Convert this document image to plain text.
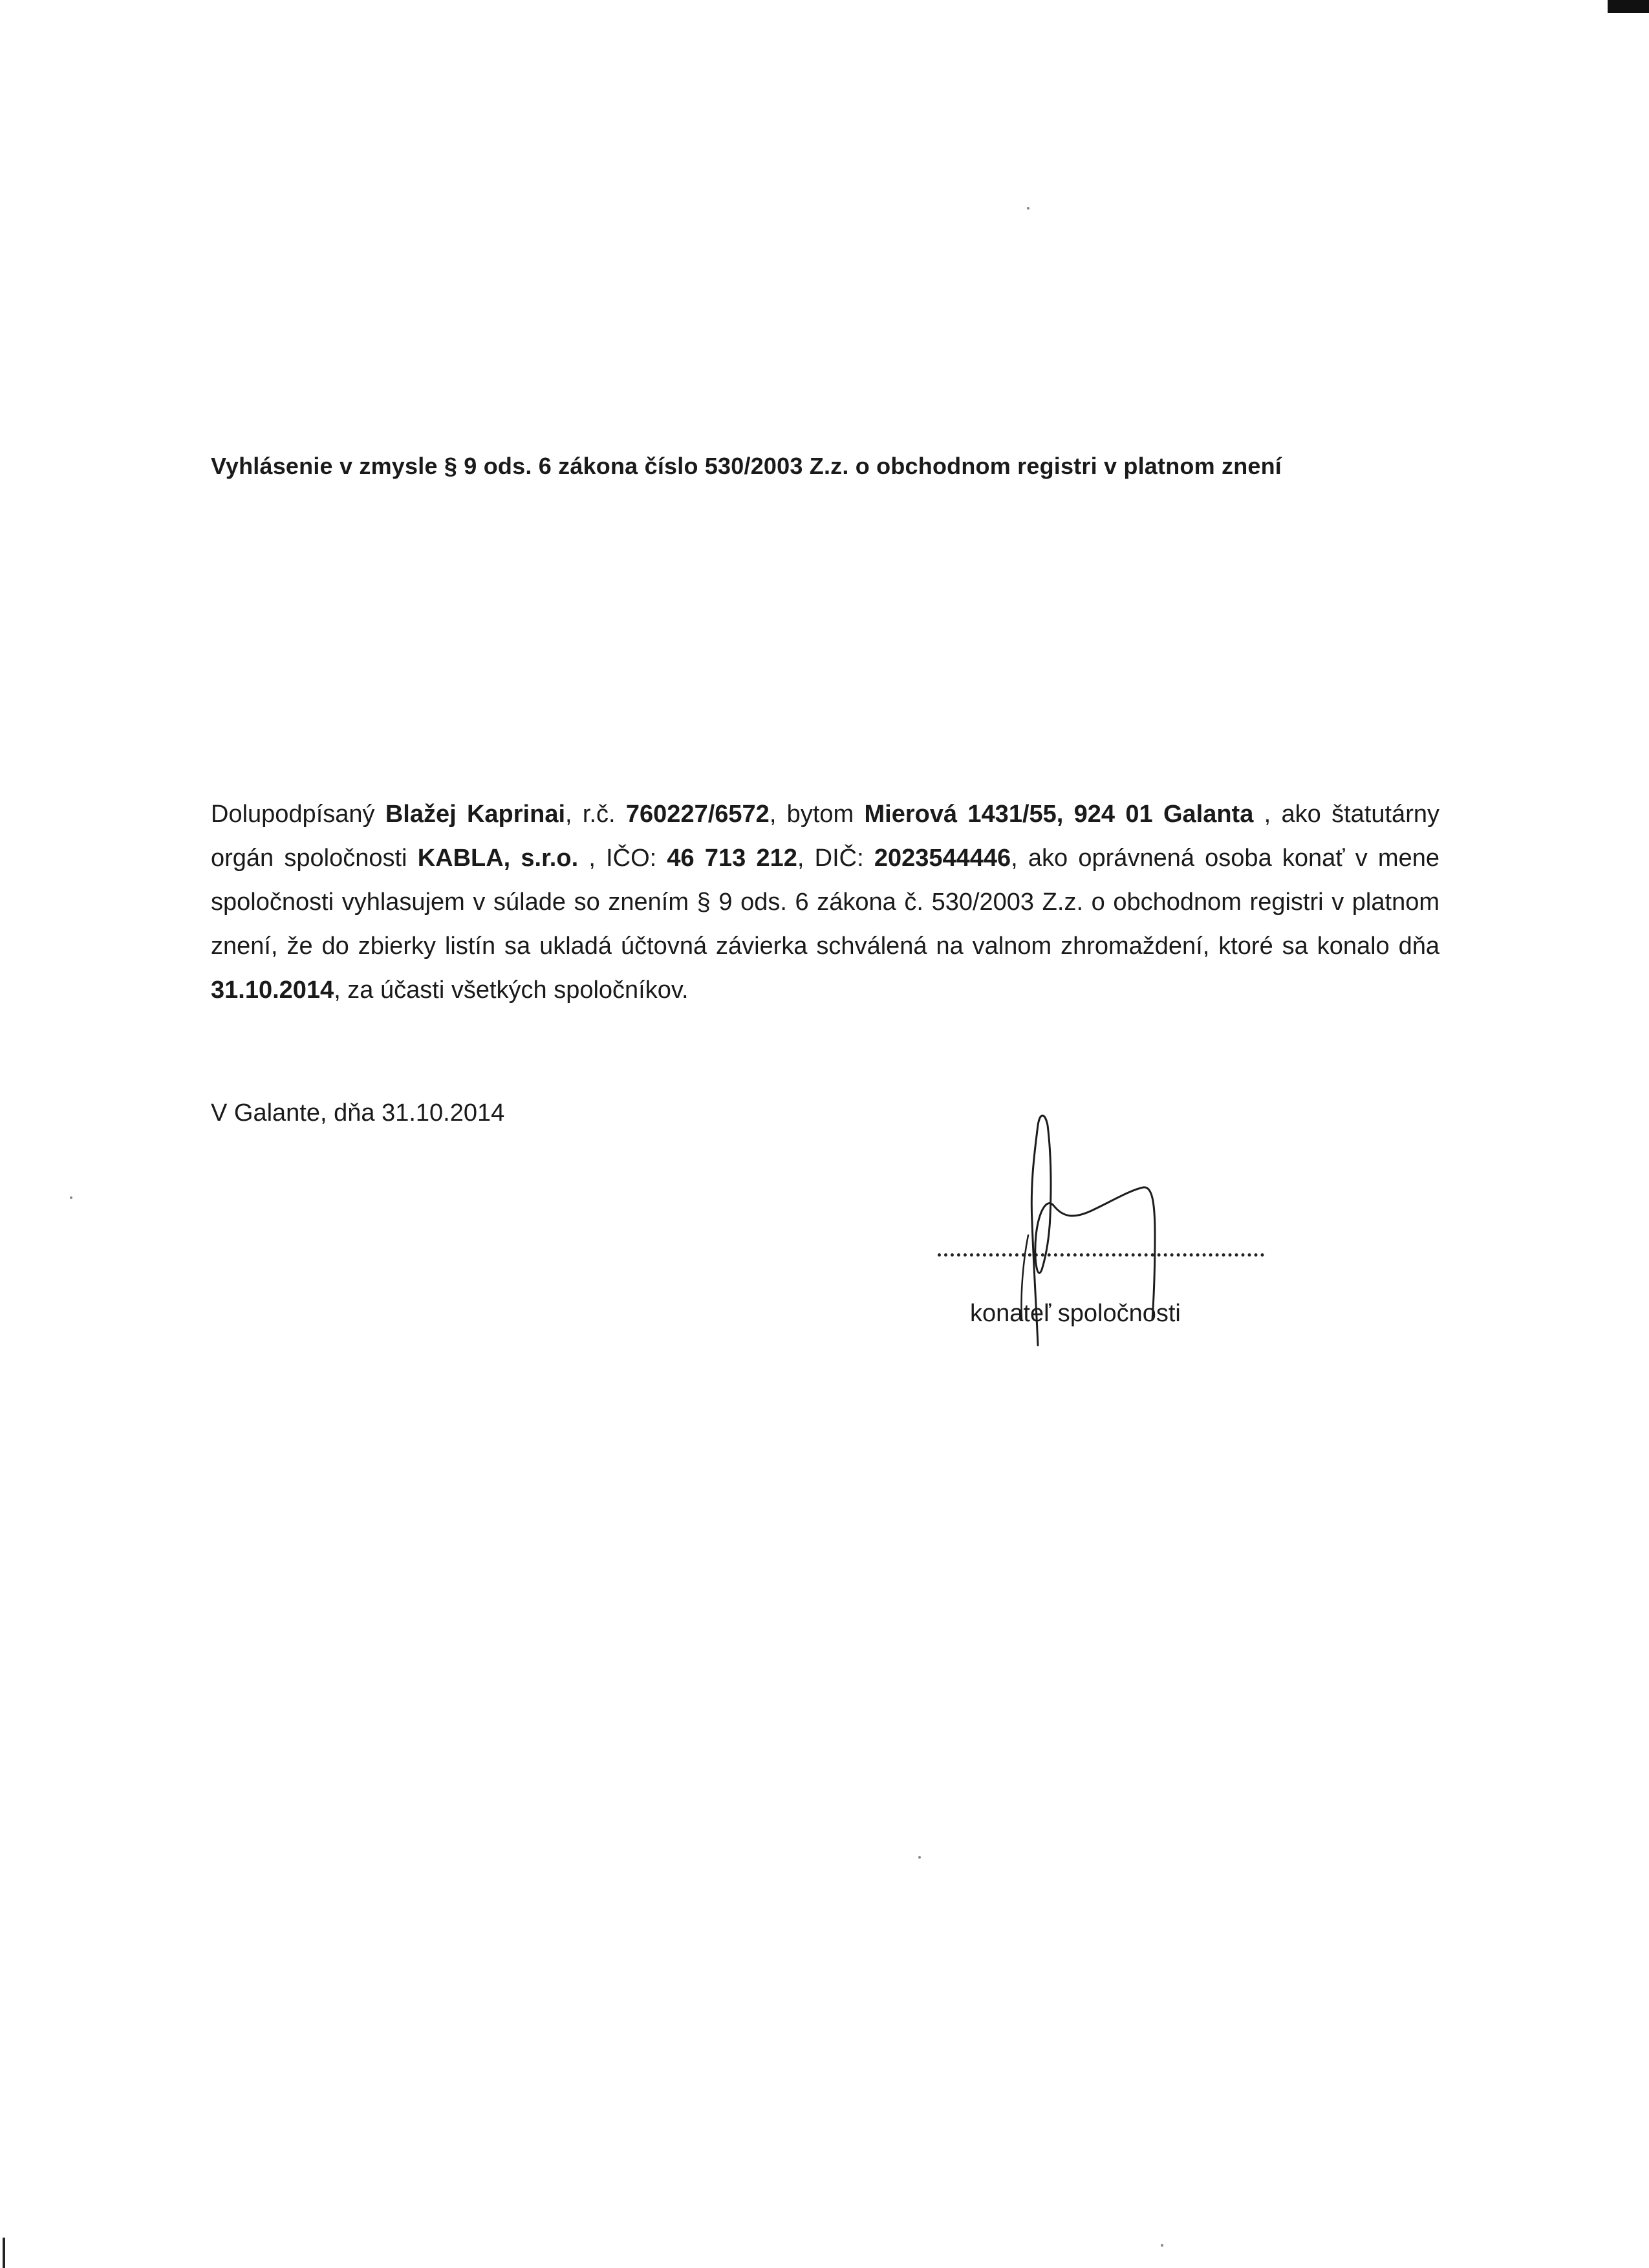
Vyhlásenie v zmysle § 9 ods. 6 zákona číslo 530/2003 Z.z. o obchodnom registri v platnom znení
Dolupodpísaný Blažej Kaprinai, r.č. 760227/6572, bytom Mierová 1431/55, 924 01 Galanta , ako štatutárny orgán spoločnosti KABLA, s.r.o. , IČO: 46 713 212, DIČ: 2023544446, ako oprávnená osoba konať v mene spoločnosti vyhlasujem v súlade so znením § 9 ods. 6 zákona č. 530/2003 Z.z. o obchodnom registri v platnom znení, že do zbierky listín sa ukladá účtovná závierka schválená na valnom zhromaždení, ktoré sa konalo dňa 31.10.2014, za účasti všetkých spoločníkov.
V Galante, dňa 31.10.2014
konateľ spoločnosti
